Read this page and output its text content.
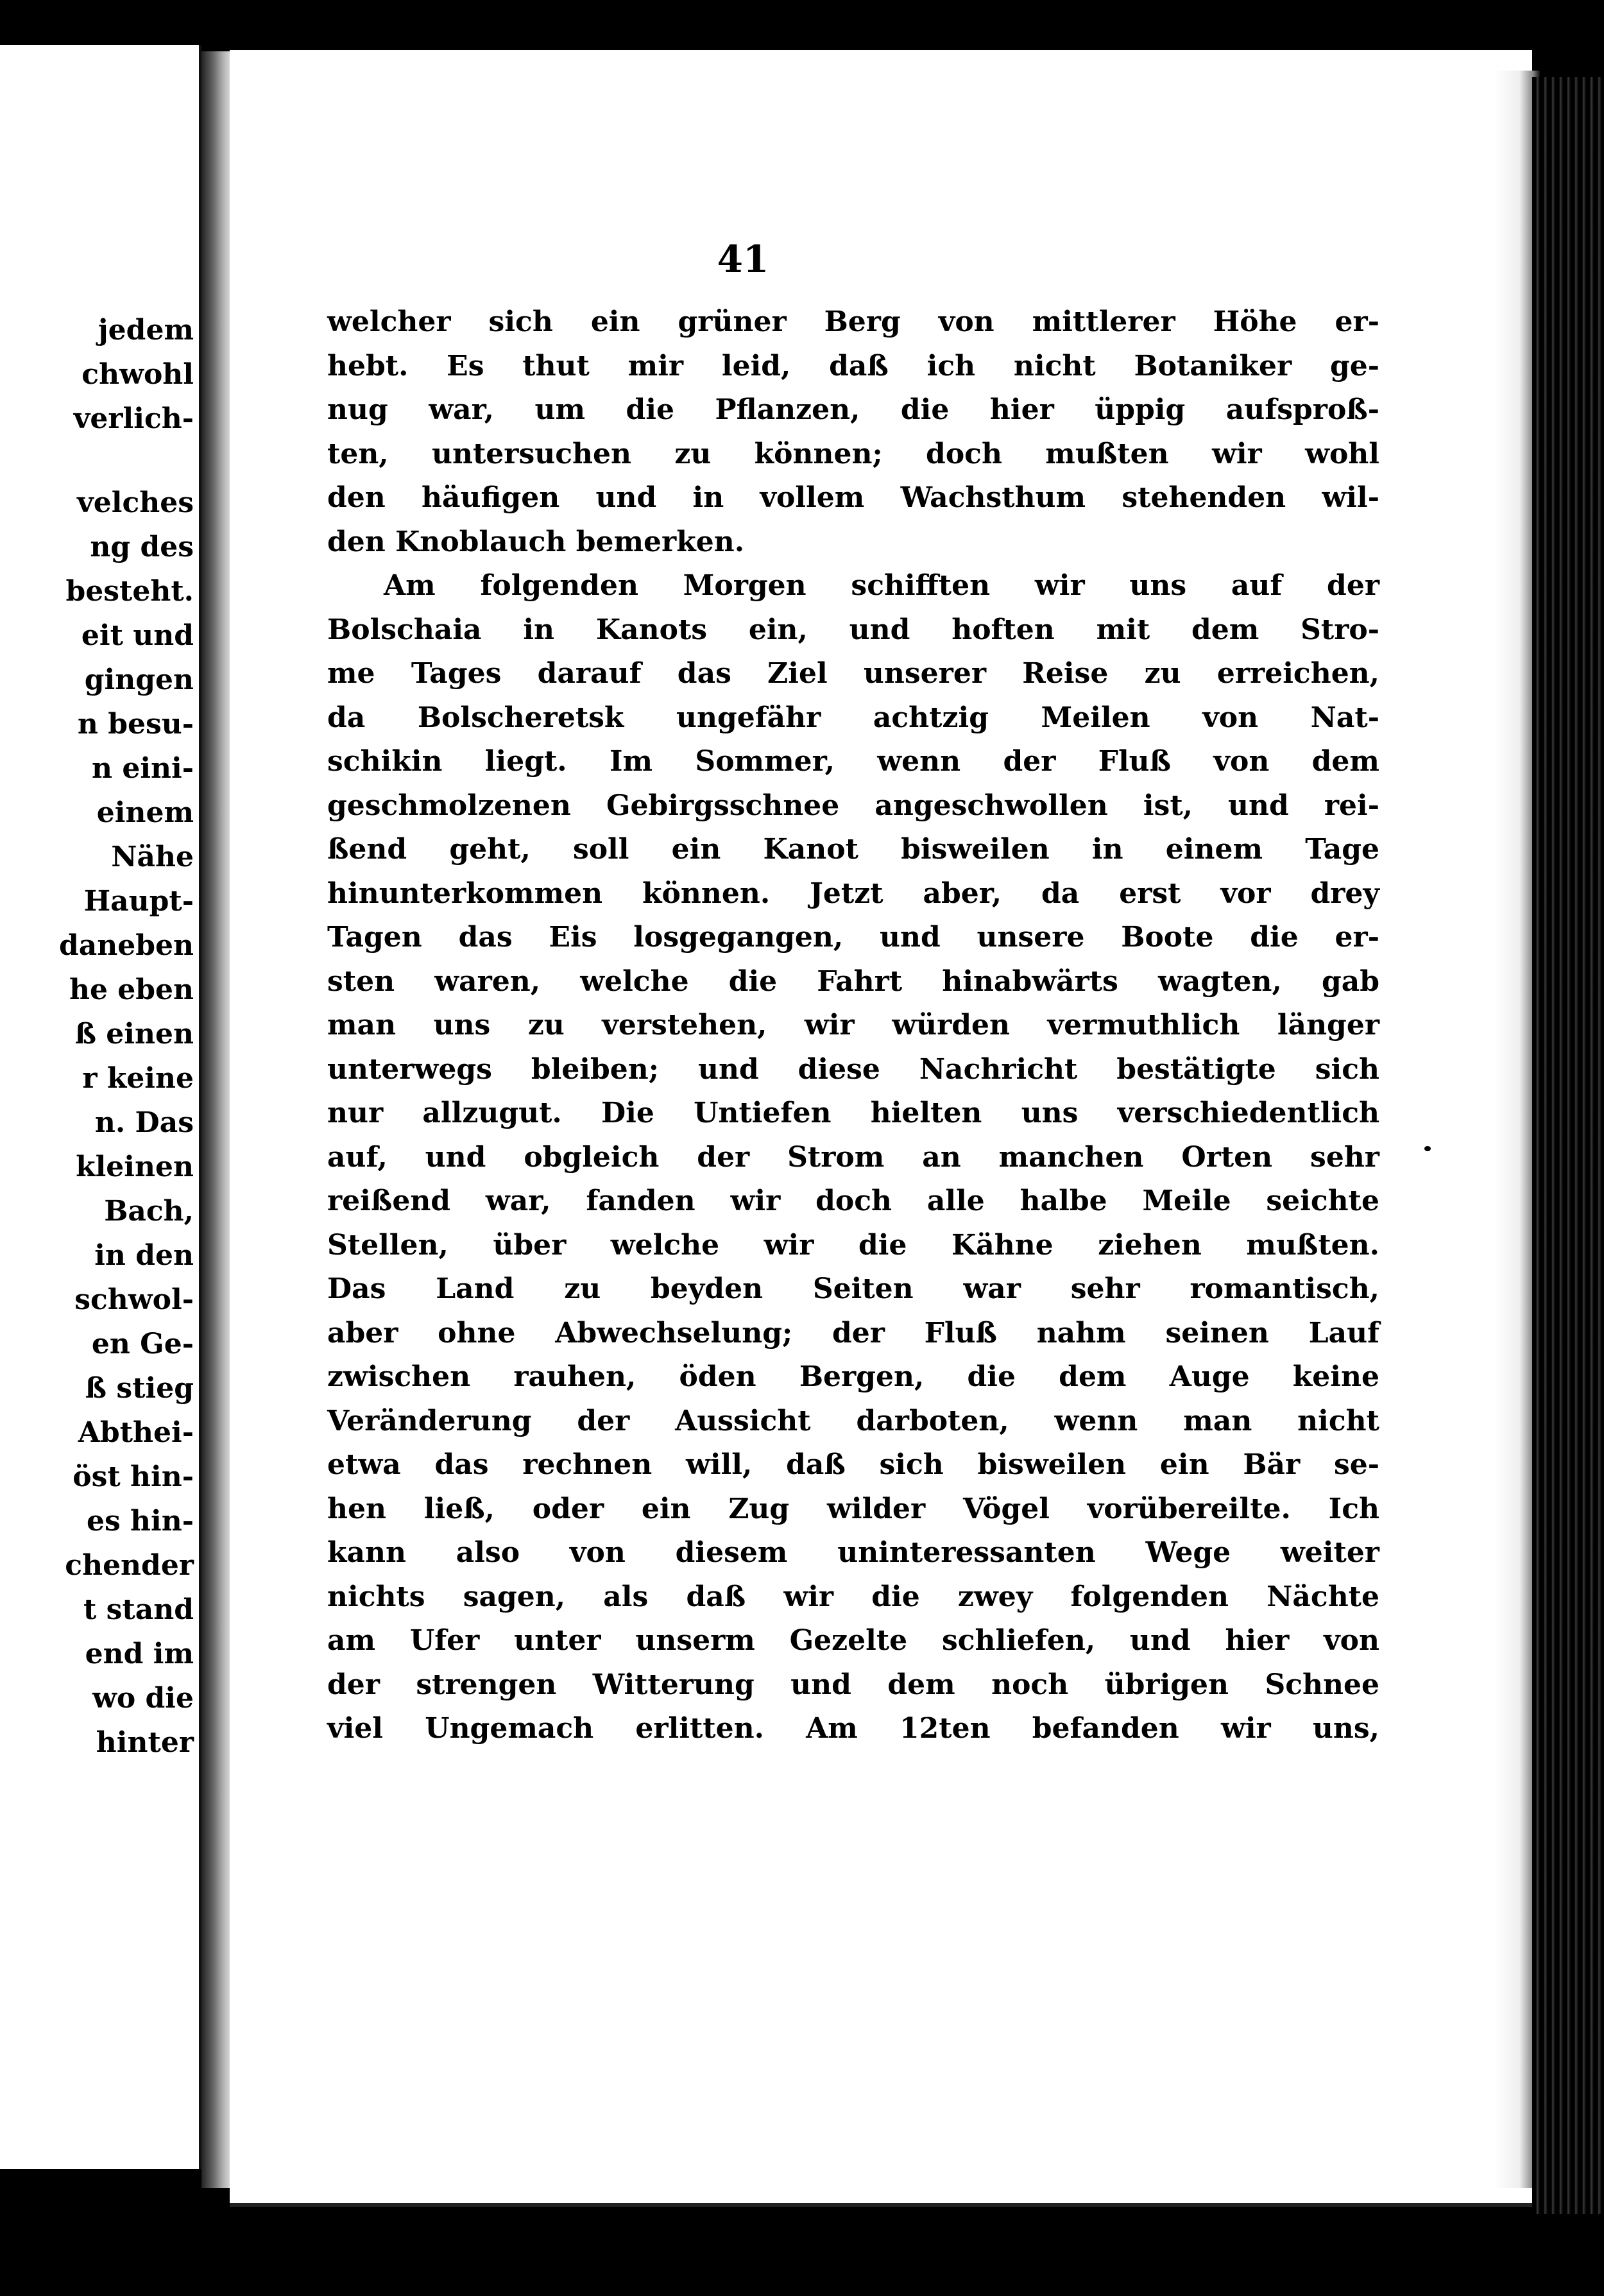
jedem
chwohl
verlich-
velches
ng des
besteht.
eit und
gingen
n besu-
n eini-
einem
Nähe
Haupt-
daneben
he eben
ß einen
r keine
n. Das
kleinen
Bach,
in den
schwol-
en Ge-
ß stieg
Abthei-
öst hin-
es hin-
chender
t stand
end im
wo die
hinter
41
welcher sich ein grüner Berg von mittlerer Höhe er-
hebt. Es thut mir leid, daß ich nicht Botaniker ge-
nug war, um die Pflanzen, die hier üppig aufsproß-
ten, untersuchen zu können; doch mußten wir wohl
den häufigen und in vollem Wachsthum stehenden wil-
den Knoblauch bemerken.
Am folgenden Morgen schifften wir uns auf der
Bolschaia in Kanots ein, und hoften mit dem Stro-
me Tages darauf das Ziel unserer Reise zu erreichen,
da Bolscheretsk ungefähr achtzig Meilen von Nat-
schikin liegt. Im Sommer, wenn der Fluß von dem
geschmolzenen Gebirgsschnee angeschwollen ist, und rei-
ßend geht, soll ein Kanot bisweilen in einem Tage
hinunterkommen können. Jetzt aber, da erst vor drey
Tagen das Eis losgegangen, und unsere Boote die er-
sten waren, welche die Fahrt hinabwärts wagten, gab
man uns zu verstehen, wir würden vermuthlich länger
unterwegs bleiben; und diese Nachricht bestätigte sich
nur allzugut. Die Untiefen hielten uns verschiedentlich
auf, und obgleich der Strom an manchen Orten sehr
reißend war, fanden wir doch alle halbe Meile seichte
Stellen, über welche wir die Kähne ziehen mußten.
Das Land zu beyden Seiten war sehr romantisch,
aber ohne Abwechselung; der Fluß nahm seinen Lauf
zwischen rauhen, öden Bergen, die dem Auge keine
Veränderung der Aussicht darboten, wenn man nicht
etwa das rechnen will, daß sich bisweilen ein Bär se-
hen ließ, oder ein Zug wilder Vögel vorübereilte. Ich
kann also von diesem uninteressanten Wege weiter
nichts sagen, als daß wir die zwey folgenden Nächte
am Ufer unter unserm Gezelte schliefen, und hier von
der strengen Witterung und dem noch übrigen Schnee
viel Ungemach erlitten. Am 12ten befanden wir uns,
